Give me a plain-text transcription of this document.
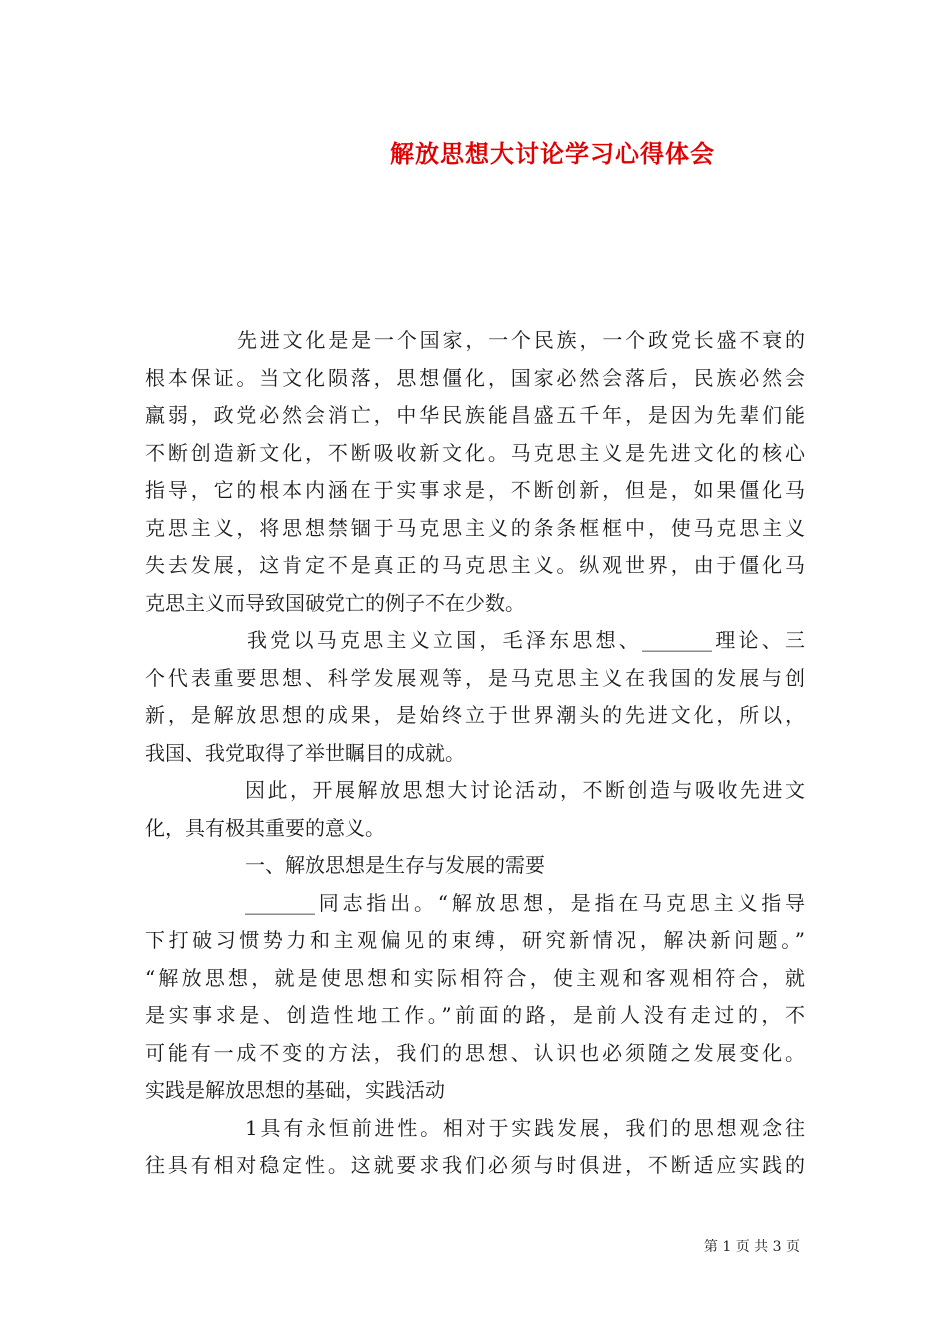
解放思想大讨论学习心得体会
先进文化是是一个国家，一个民族，一个政党长盛不衰的
根本保证。当文化陨落，思想僵化，国家必然会落后，民族必然会
羸弱，政党必然会消亡，中华民族能昌盛五千年，是因为先辈们能
不断创造新文化，不断吸收新文化。马克思主义是先进文化的核心
指导，它的根本内涵在于实事求是，不断创新，但是，如果僵化马
克思主义，将思想禁锢于马克思主义的条条框框中，使马克思主义
失去发展，这肯定不是真正的马克思主义。纵观世界，由于僵化马
克思主义而导致国破党亡的例子不在少数。
我党以马克思主义立国，毛泽东思想、_______理论、三
个代表重要思想、科学发展观等，是马克思主义在我国的发展与创
新，是解放思想的成果，是始终立于世界潮头的先进文化，所以，
我国、我党取得了举世瞩目的成就。
因此，开展解放思想大讨论活动，不断创造与吸收先进文
化，具有极其重要的意义。
一、解放思想是生存与发展的需要
_______同志指出。“解放思想，是指在马克思主义指导
下打破习惯势力和主观偏见的束缚，研究新情况，解决新问题。”
“解放思想，就是使思想和实际相符合，使主观和客观相符合，就
是实事求是、创造性地工作。”前面的路，是前人没有走过的，不
可能有一成不变的方法，我们的思想、认识也必须随之发展变化。
实践是解放思想的基础，实践活动
1具有永恒前进性。相对于实践发展，我们的思想观念往
往具有相对稳定性。这就要求我们必须与时俱进，不断适应实践的
第 1 页 共 3 页
